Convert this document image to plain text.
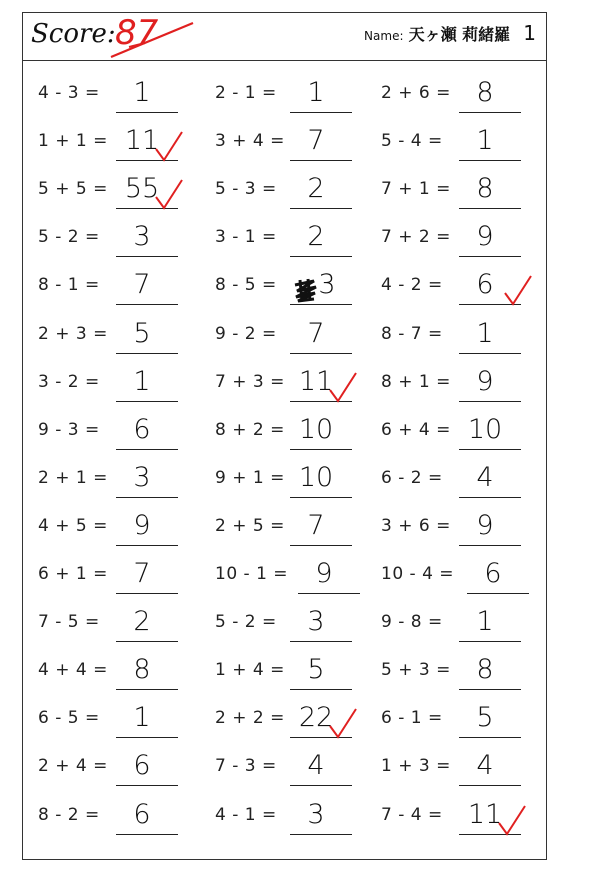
Score: 87	Name: 天ヶ瀬 莉緒羅 1
4 - 3 =	1	2 - 1 =	1	2 + 6 = 8
1 + 1 = 11	3 + 4 = 7	5 - 4 =	1
5 + 5 = 55	5 - 3 =	2	7 + 1 = 8
5 - 2 =	3	3 - 1 =	2	7 + 2 = 9
8 - 1 =	7	8 - 5 = 3	4 - 2 =	6
2 + 3 = 5	9 - 2 =	7	8 - 7 =	1
3 - 2 =	1	7 + 3 = 11	8 + 1 = 9
9 - 3 =	6	8 + 2 = 10	6 + 4 = 10
2 + 1 = 3	9 + 1 = 10	6 - 2 =	4
4 + 5 = 9	2 + 5 = 7	3 + 6 = 9
6 + 1 = 7	10 - 1 =	9	10 - 4 =	6
7 - 5 =	2	5 - 2 =	3	9 - 8 =	1
4 + 4 = 8	1 + 4 = 5	5 + 3 = 8
6 - 5 =	1	2 + 2 = 22	6 - 1 =	5
2 + 4 = 6	7 - 3 =	4	1 + 3 = 4
8 - 2 =	6	4 - 1 =	3	7 - 4 = 11
